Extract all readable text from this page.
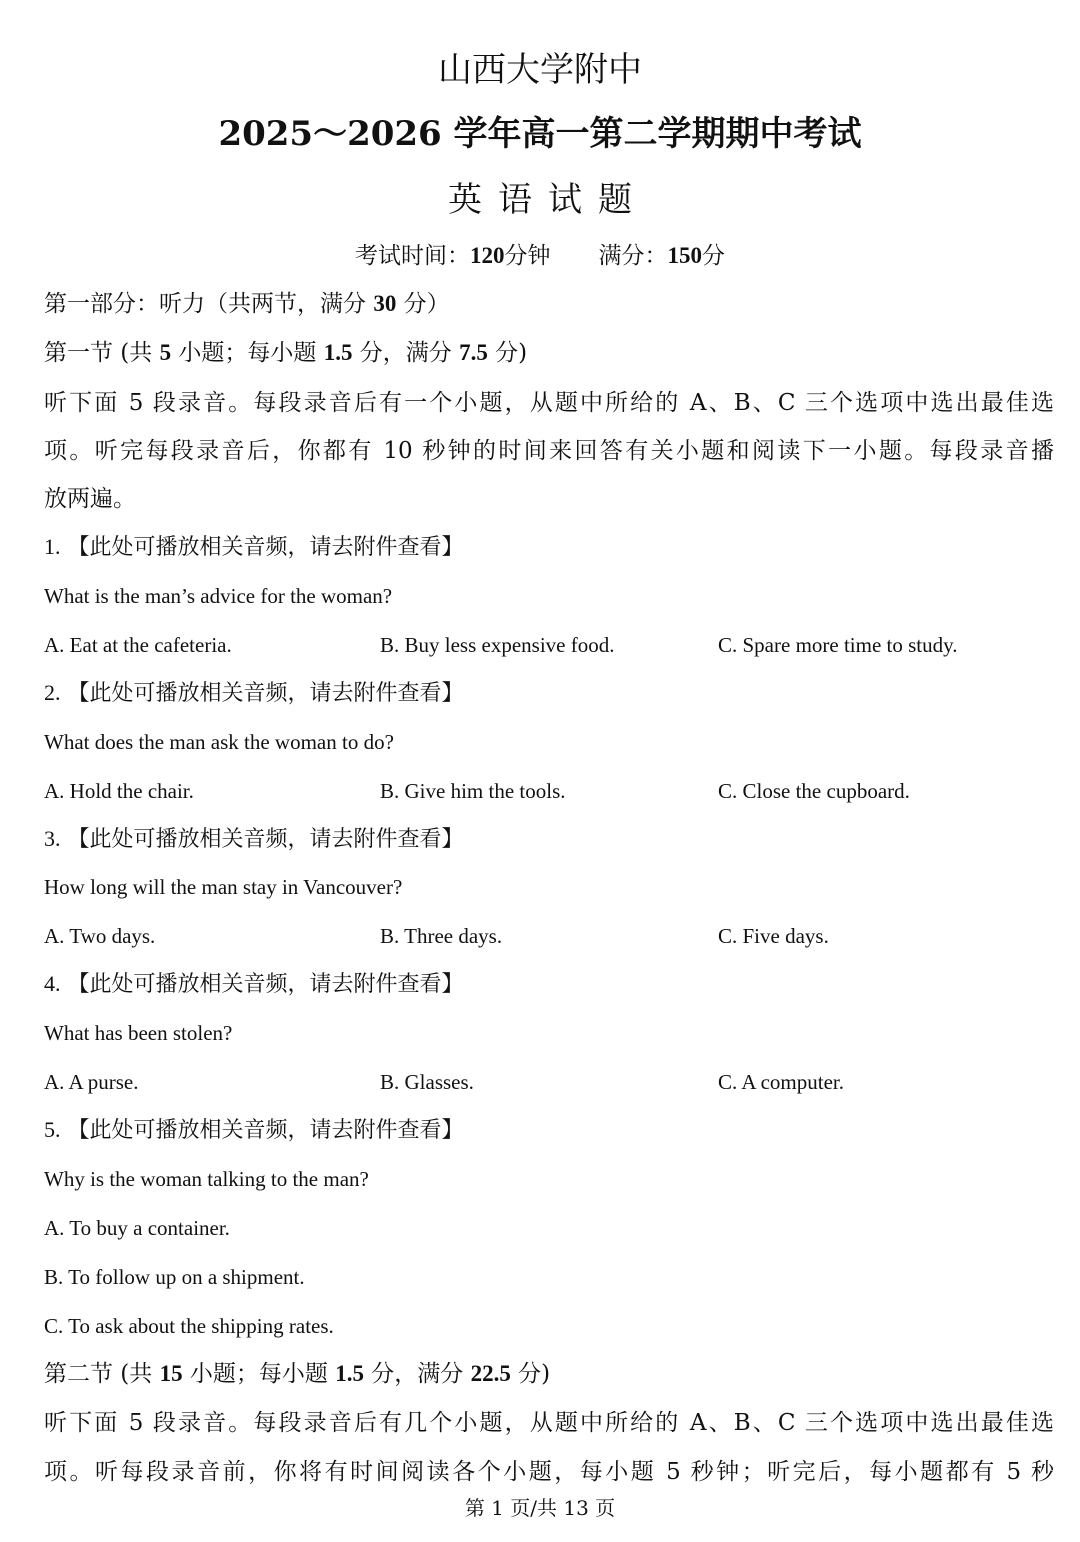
山西大学附中
2025～2026 学年高一第二学期期中考试
英语试题
考试时间：120分钟 满分：150分
第一部分：听力（共两节，满分 30 分）
第一节 (共 5 小题；每小题 1.5 分，满分 7.5 分)
听下面 5 段录音。每段录音后有一个小题，从题中所给的 A、B、C 三个选项中选出最佳选
项。听完每段录音后，你都有 10 秒钟的时间来回答有关小题和阅读下一小题。每段录音播
放两遍。
1. 【此处可播放相关音频，请去附件查看】
What is the man’s advice for the woman?
A. Eat at the cafeteria.	B. Buy less expensive food.	C. Spare more time to study.
2. 【此处可播放相关音频，请去附件查看】
What does the man ask the woman to do?
A. Hold the chair.	B. Give him the tools.	C. Close the cupboard.
3. 【此处可播放相关音频，请去附件查看】
How long will the man stay in Vancouver?
A. Two days.	B. Three days.	C. Five days.
4. 【此处可播放相关音频，请去附件查看】
What has been stolen?
A. A purse.	B. Glasses.	C. A computer.
5. 【此处可播放相关音频，请去附件查看】
Why is the woman talking to the man?
A. To buy a container.
B. To follow up on a shipment.
C. To ask about the shipping rates.
第二节 (共 15 小题；每小题 1.5 分，满分 22.5 分)
听下面 5 段录音。每段录音后有几个小题，从题中所给的 A、B、C 三个选项中选出最佳选
项。听每段录音前，你将有时间阅读各个小题，每小题 5 秒钟；听完后，每小题都有 5 秒
第 1 页/共 13 页
